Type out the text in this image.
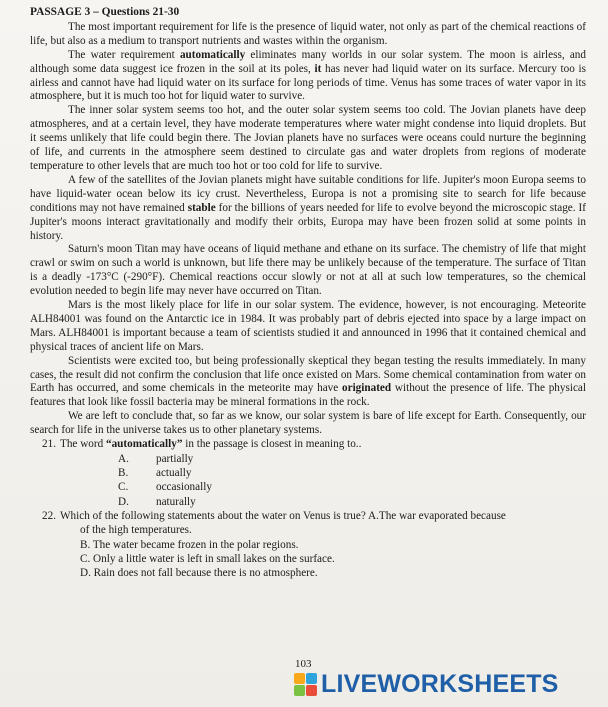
PASSAGE 3 – Questions 21-30

The most important requirement for life is the presence of liquid water, not only as part of the chemical reactions of life, but also as a medium to transport nutrients and wastes within the organism.

The water requirement automatically eliminates many worlds in our solar system. The moon is airless, and although some data suggest ice frozen in the soil at its poles, it has never had liquid water on its surface. Mercury too is airless and cannot have had liquid water on its surface for long periods of time. Venus has some traces of water vapor in its atmosphere, but it is much too hot for liquid water to survive.

The inner solar system seems too hot, and the outer solar system seems too cold. The Jovian planets have deep atmospheres, and at a certain level, they have moderate temperatures where water might condense into liquid droplets. But it seems unlikely that life could begin there. The Jovian planets have no surfaces were oceans could nurture the beginning of life, and currents in the atmosphere seem destined to circulate gas and water droplets from regions of moderate temperature to other levels that are much too hot or too cold for life to survive.

A few of the satellites of the Jovian planets might have suitable conditions for life. Jupiter's moon Europa seems to have liquid-water ocean below its icy crust. Nevertheless, Europa is not a promising site to search for life because conditions may not have remained stable for the billions of years needed for life to evolve beyond the microscopic stage. If Jupiter's moons interact gravitationally and modify their orbits, Europa may have been frozen solid at some points in history.

Saturn's moon Titan may have oceans of liquid methane and ethane on its surface. The chemistry of life that might crawl or swim on such a world is unknown, but life there may be unlikely because of the temperature. The surface of Titan is a deadly -173°C (-290°F). Chemical reactions occur slowly or not at all at such low temperatures, so the chemical evolution needed to begin life may never have occurred on Titan.

Mars is the most likely place for life in our solar system. The evidence, however, is not encouraging. Meteorite ALH84001 was found on the Antarctic ice in 1984. It was probably part of debris ejected into space by a large impact on Mars. ALH84001 is important because a team of scientists studied it and announced in 1996 that it contained chemical and physical traces of ancient life on Mars.

Scientists were excited too, but being professionally skeptical they began testing the results immediately. In many cases, the result did not confirm the conclusion that life once existed on Mars. Some chemical contamination from water on Earth has occurred, and some chemicals in the meteorite may have originated without the presence of life. The physical features that look like fossil bacteria may be mineral formations in the rock.

We are left to conclude that, so far as we know, our solar system is bare of life except for Earth. Consequently, our search for life in the universe takes us to other planetary systems.

21. The word “automatically” in the passage is closest in meaning to..
A.	partially
B.	actually
C.	occasionally
D.	naturally
22. Which of the following statements about the water on Venus is true? A.The war evaporated because
of the high temperatures.
B. The water became frozen in the polar regions.
C. Only a little water is left in small lakes on the surface.
D. Rain does not fall because there is no atmosphere.
103
LIVEWORKSHEETS
